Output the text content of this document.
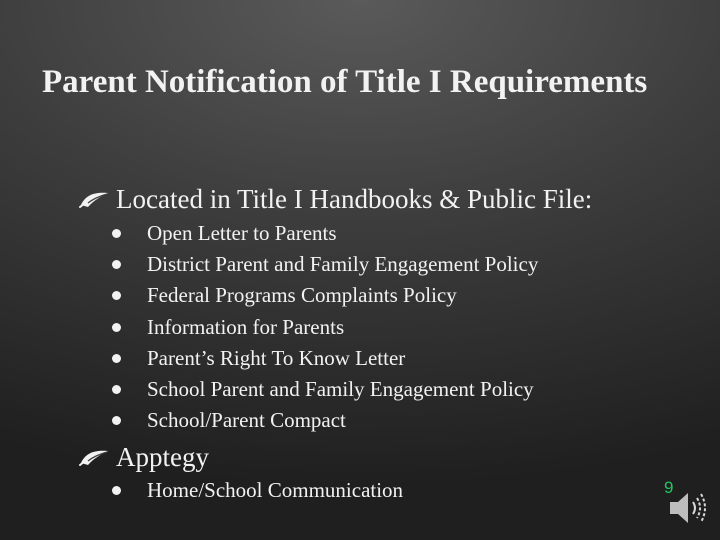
Parent Notification of Title I Requirements
Located in Title I Handbooks & Public File:
Open Letter to Parents
District Parent and Family Engagement Policy
Federal Programs Complaints Policy
Information for Parents
Parent’s Right To Know Letter
School Parent and Family Engagement Policy
School/Parent Compact
Apptegy
Home/School Communication	9
